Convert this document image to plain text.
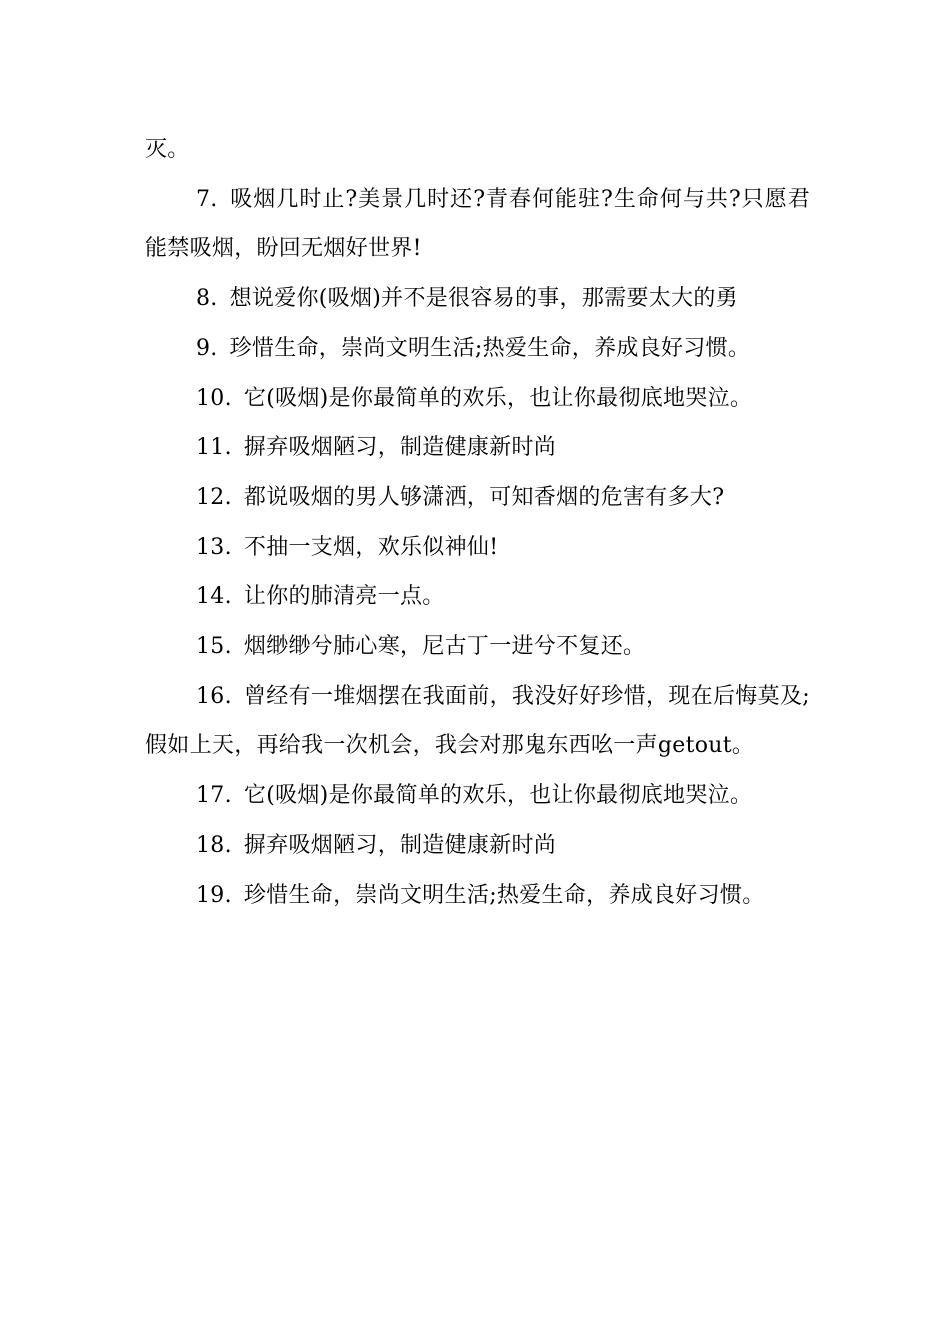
灭。

7. 吸烟几时止?美景几时还?青春何能驻?生命何与共?只愿君能禁吸烟，盼回无烟好世界!

8. 想说爱你(吸烟)并不是很容易的事，那需要太大的勇

9. 珍惜生命，崇尚文明生活;热爱生命，养成良好习惯。

10. 它(吸烟)是你最简单的欢乐，也让你最彻底地哭泣。

11. 摒弃吸烟陋习，制造健康新时尚

12. 都说吸烟的男人够潇洒，可知香烟的危害有多大?

13. 不抽一支烟，欢乐似神仙!

14. 让你的肺清亮一点。

15. 烟缈缈兮肺心寒，尼古丁一进兮不复还。

16. 曾经有一堆烟摆在我面前，我没好好珍惜，现在后悔莫及;假如上天，再给我一次机会，我会对那鬼东西吆一声getout。

17. 它(吸烟)是你最简单的欢乐，也让你最彻底地哭泣。

18. 摒弃吸烟陋习，制造健康新时尚

19. 珍惜生命，崇尚文明生活;热爱生命，养成良好习惯。
